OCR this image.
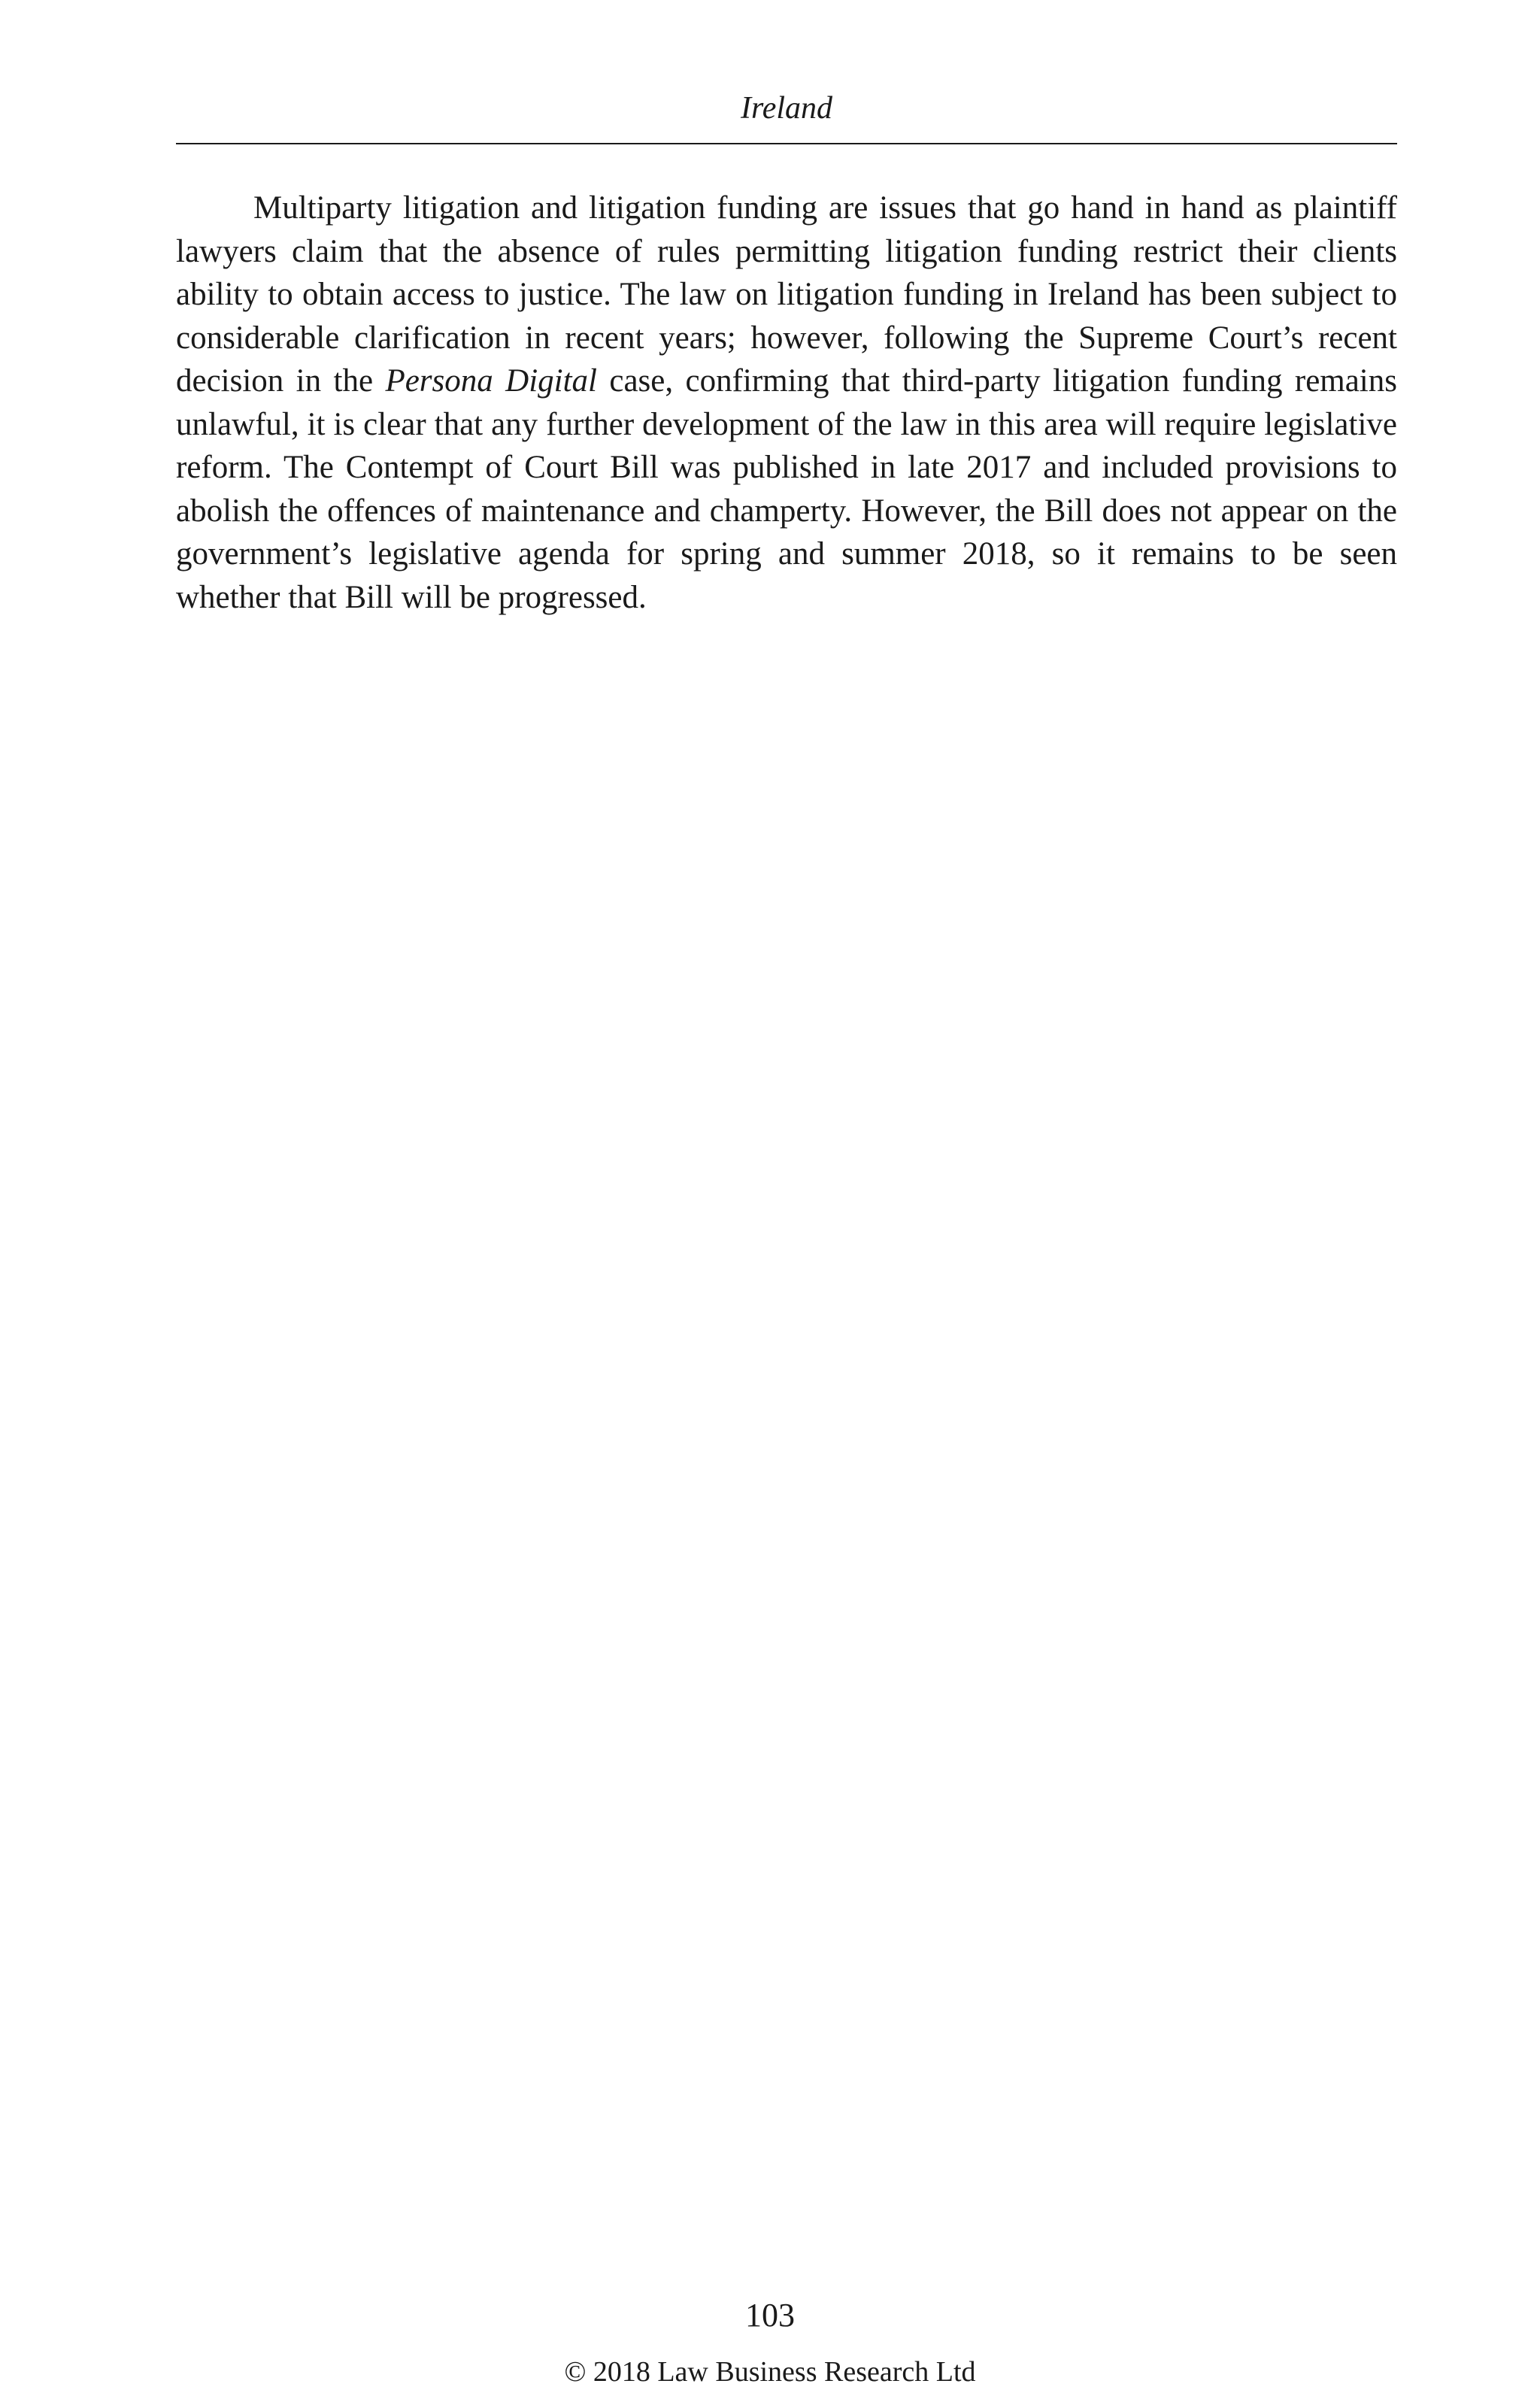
Ireland

Multiparty litigation and litigation funding are issues that go hand in hand as plaintiff lawyers claim that the absence of rules permitting litigation funding restrict their clients ability to obtain access to justice. The law on litigation funding in Ireland has been subject to considerable clarification in recent years; however, following the Supreme Court’s recent decision in the Persona Digital case, confirming that third-party litigation funding remains unlawful, it is clear that any further development of the law in this area will require legislative reform. The Contempt of Court Bill was published in late 2017 and included provisions to abolish the offences of maintenance and champerty. However, the Bill does not appear on the government’s legislative agenda for spring and summer 2018, so it remains to be seen whether that Bill will be progressed.

103
© 2018 Law Business Research Ltd
